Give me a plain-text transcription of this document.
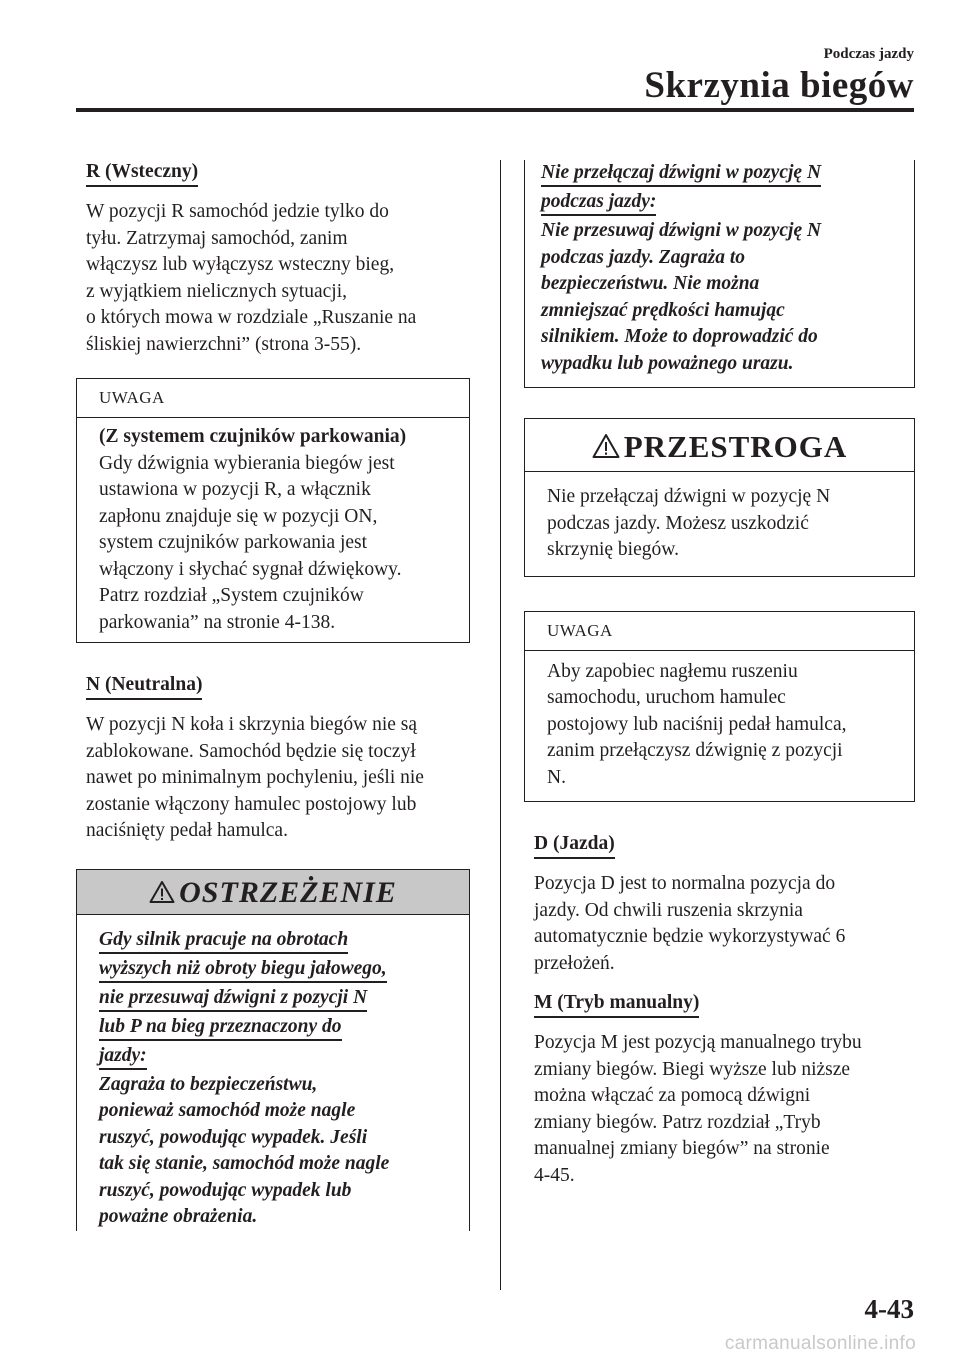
Podczas jazdy
Skrzynia biegów
R (Wsteczny)
W pozycji R samochód jedzie tylko do
tyłu. Zatrzymaj samochód, zanim
włączysz lub wyłączysz wsteczny bieg,
z wyjątkiem nielicznych sytuacji,
o których mowa w rozdziale „Ruszanie na
śliskiej nawierzchni” (strona 3-55).
UWAGA
(Z systemem czujników parkowania)
Gdy dźwignia wybierania biegów jest
ustawiona w pozycji R, a włącznik
zapłonu znajduje się w pozycji ON,
system czujników parkowania jest
włączony i słychać sygnał dźwiękowy.
Patrz rozdział „System czujników
parkowania” na stronie 4-138.
N (Neutralna)
W pozycji N koła i skrzynia biegów nie są
zablokowane. Samochód będzie się toczył
nawet po minimalnym pochyleniu, jeśli nie
zostanie włączony hamulec postojowy lub
naciśnięty pedał hamulca.
OSTRZEŻENIE
Gdy silnik pracuje na obrotach
wyższych niż obroty biegu jałowego,
nie przesuwaj dźwigni z pozycji N
lub P na bieg przeznaczony do
jazdy:
Zagraża to bezpieczeństwu,
ponieważ samochód może nagle
ruszyć, powodując wypadek. Jeśli
tak się stanie, samochód może nagle
ruszyć, powodując wypadek lub
poważne obrażenia.
Nie przełączaj dźwigni w pozycję N
podczas jazdy:
Nie przesuwaj dźwigni w pozycję N
podczas jazdy. Zagraża to
bezpieczeństwu. Nie można
zmniejszać prędkości hamując
silnikiem. Może to doprowadzić do
wypadku lub poważnego urazu.
PRZESTROGA
Nie przełączaj dźwigni w pozycję N
podczas jazdy. Możesz uszkodzić
skrzynię biegów.
UWAGA
Aby zapobiec nagłemu ruszeniu
samochodu, uruchom hamulec
postojowy lub naciśnij pedał hamulca,
zanim przełączysz dźwignię z pozycji
N.
D (Jazda)
Pozycja D jest to normalna pozycja do
jazdy. Od chwili ruszenia skrzynia
automatycznie będzie wykorzystywać 6
przełożeń.
M (Tryb manualny)
Pozycja M jest pozycją manualnego trybu
zmiany biegów. Biegi wyższe lub niższe
można włączać za pomocą dźwigni
zmiany biegów. Patrz rozdział „Tryb
manualnej zmiany biegów” na stronie
4-45.
4-43
carmanualsonline.info
